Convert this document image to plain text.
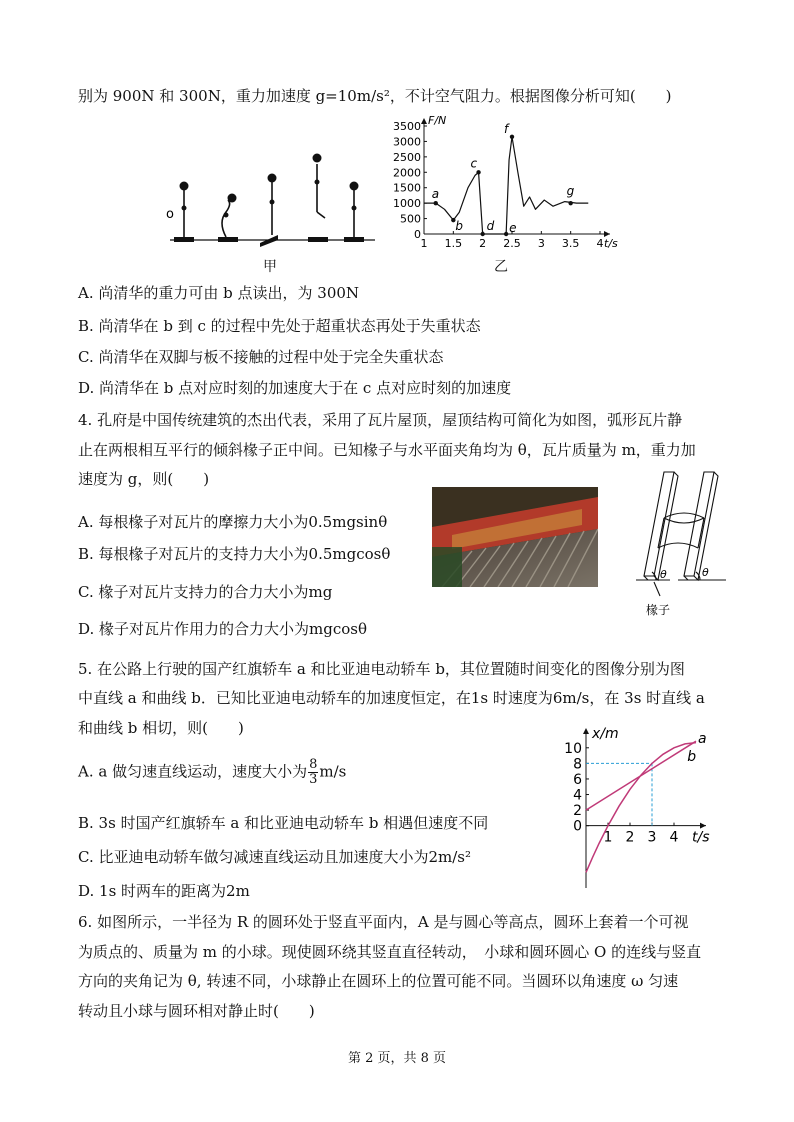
别为 900N 和 300N，重力加速度 g=10m/s²，不计空气阻力。根据图像分析可知(　　)
o
甲
F/N
t/s
0
500
1000
1500
2000
2500
3000
3500
1 1.5 2 2.5 3 3.5 4
a
b
c
d e
f
g
乙
A. 尚清华的重力可由 b 点读出，为 300N
B. 尚清华在 b 到 c 的过程中先处于超重状态再处于失重状态
C. 尚清华在双脚与板不接触的过程中处于完全失重状态
D. 尚清华在 b 点对应时刻的加速度大于在 c 点对应时刻的加速度
4. 孔府是中国传统建筑的杰出代表，采用了瓦片屋顶，屋顶结构可简化为如图，弧形瓦片静
止在两根相互平行的倾斜椽子正中间。已知椽子与水平面夹角均为 θ，瓦片质量为 m，重力加
速度为 g，则(　　)
A. 每根椽子对瓦片的摩擦力大小为0.5mgsinθ
B. 每根椽子对瓦片的支持力大小为0.5mgcosθ
C. 椽子对瓦片支持力的合力大小为mg
D. 椽子对瓦片作用力的合力大小为mgcosθ
θ	θ
椽子
5. 在公路上行驶的国产红旗轿车 a 和比亚迪电动轿车 b，其位置随时间变化的图像分别为图
中直线 a 和曲线 b．已知比亚迪电动轿车的加速度恒定，在1s 时速度为6m/s，在 3s 时直线 a
和曲线 b 相切，则(　　)
A. a 做匀速直线运动，速度大小为 $\frac{8}{3} m/s$
B. 3s 时国产红旗轿车 a 和比亚迪电动轿车 b 相遇但速度不同
C. 比亚迪电动轿车做匀减速直线运动且加速度大小为2m/s²
D. 1s 时两车的距离为2m
x/m
t/s
0
2
4
6
8
10
1 2 3 4
a
b
6. 如图所示，一半径为 R 的圆环处于竖直平面内，A 是与圆心等高点，圆环上套着一个可视
为质点的、质量为 m 的小球。现使圆环绕其竖直直径转动，　小球和圆环圆心 O 的连线与竖直
方向的夹角记为 θ, 转速不同，小球静止在圆环上的位置可能不同。当圆环以角速度 ω 匀速
转动且小球与圆环相对静止时(　　)
第 2 页，共 8 页
